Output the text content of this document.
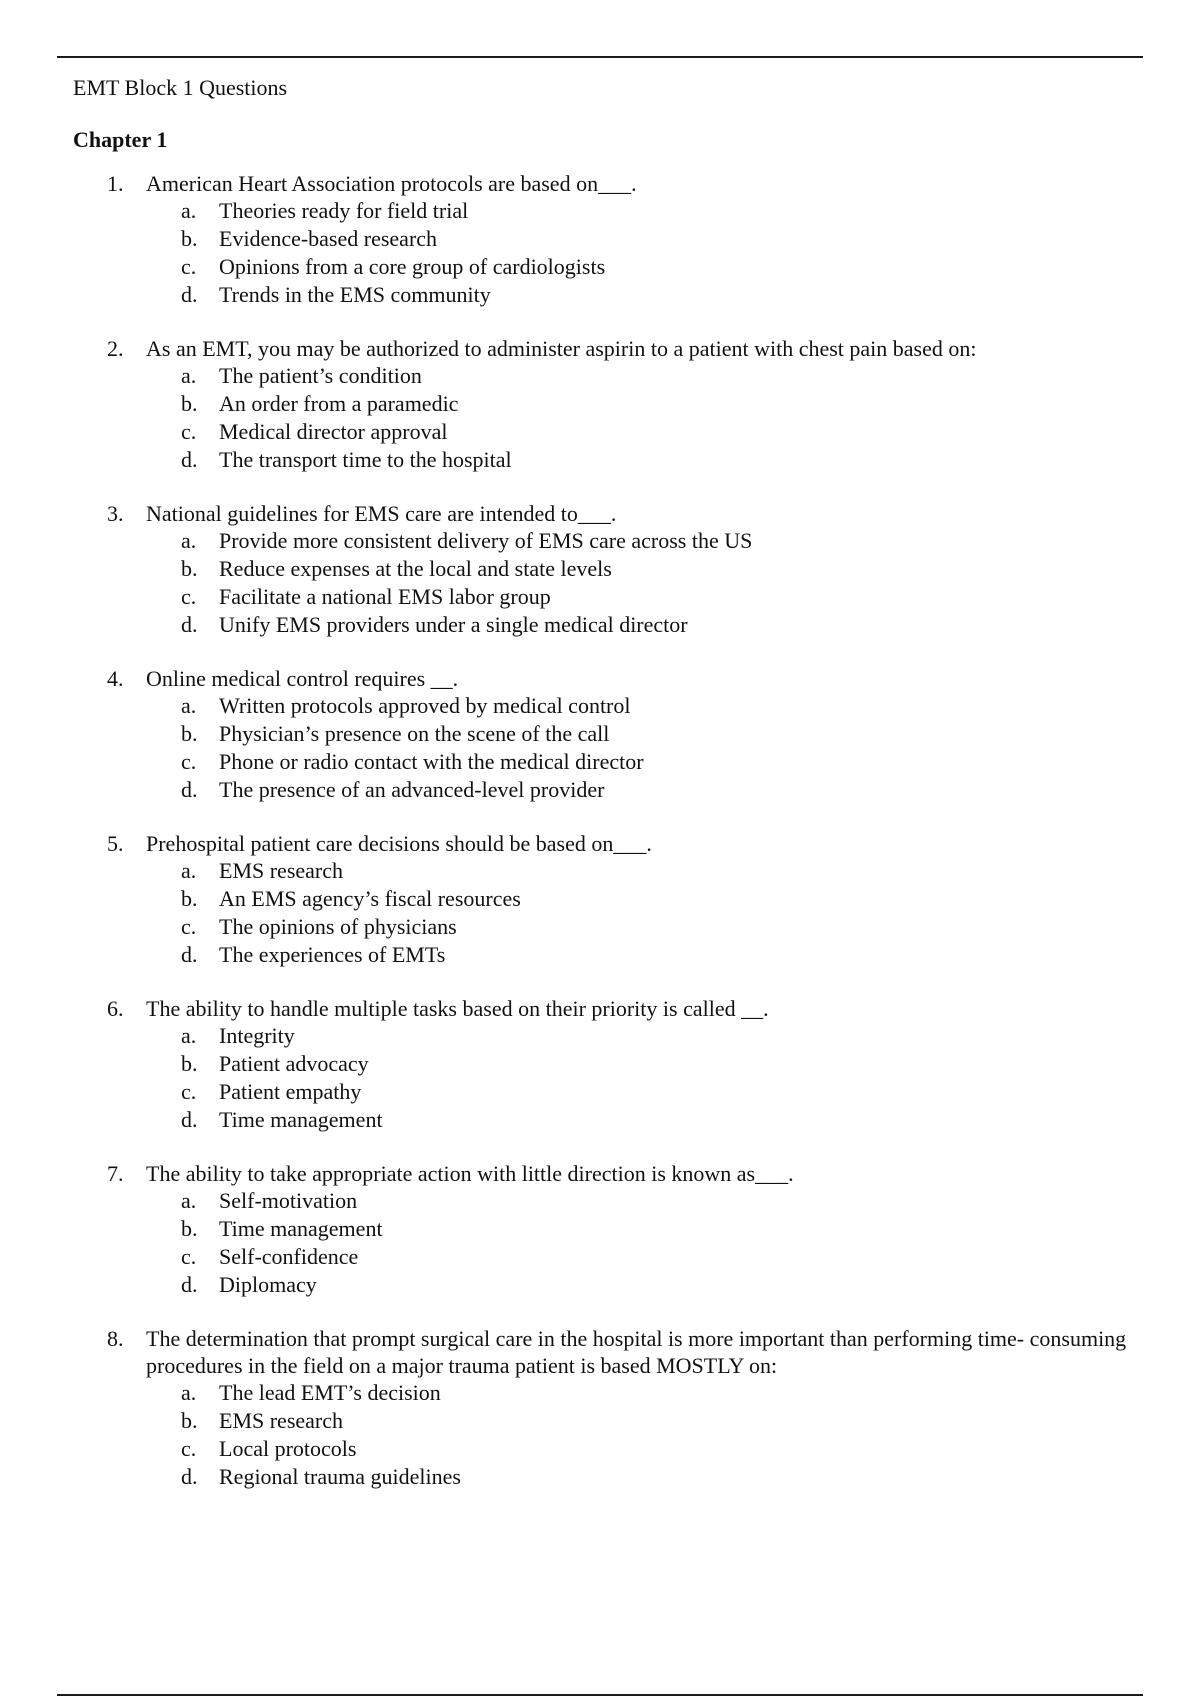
EMT Block 1 Questions

Chapter 1

1. American Heart Association protocols are based on___.
a. Theories ready for field trial
b. Evidence-based research
c. Opinions from a core group of cardiologists
d. Trends in the EMS community
2. As an EMT, you may be authorized to administer aspirin to a patient with chest pain based on:
a. The patient’s condition
b. An order from a paramedic
c. Medical director approval
d. The transport time to the hospital
3. National guidelines for EMS care are intended to___.
a. Provide more consistent delivery of EMS care across the US
b. Reduce expenses at the local and state levels
c. Facilitate a national EMS labor group
d. Unify EMS providers under a single medical director
4. Online medical control requires __.
a. Written protocols approved by medical control
b. Physician’s presence on the scene of the call
c. Phone or radio contact with the medical director
d. The presence of an advanced-level provider
5. Prehospital patient care decisions should be based on___.
a. EMS research
b. An EMS agency’s fiscal resources
c. The opinions of physicians
d. The experiences of EMTs
6. The ability to handle multiple tasks based on their priority is called __.
a. Integrity
b. Patient advocacy
c. Patient empathy
d. Time management
7. The ability to take appropriate action with little direction is known as___.
a. Self-motivation
b. Time management
c. Self-confidence
d. Diplomacy
8. The determination that prompt surgical care in the hospital is more important than performing time- consuming procedures in the field on a major trauma patient is based MOSTLY on:
a. The lead EMT’s decision
b. EMS research
c. Local protocols
d. Regional trauma guidelines
